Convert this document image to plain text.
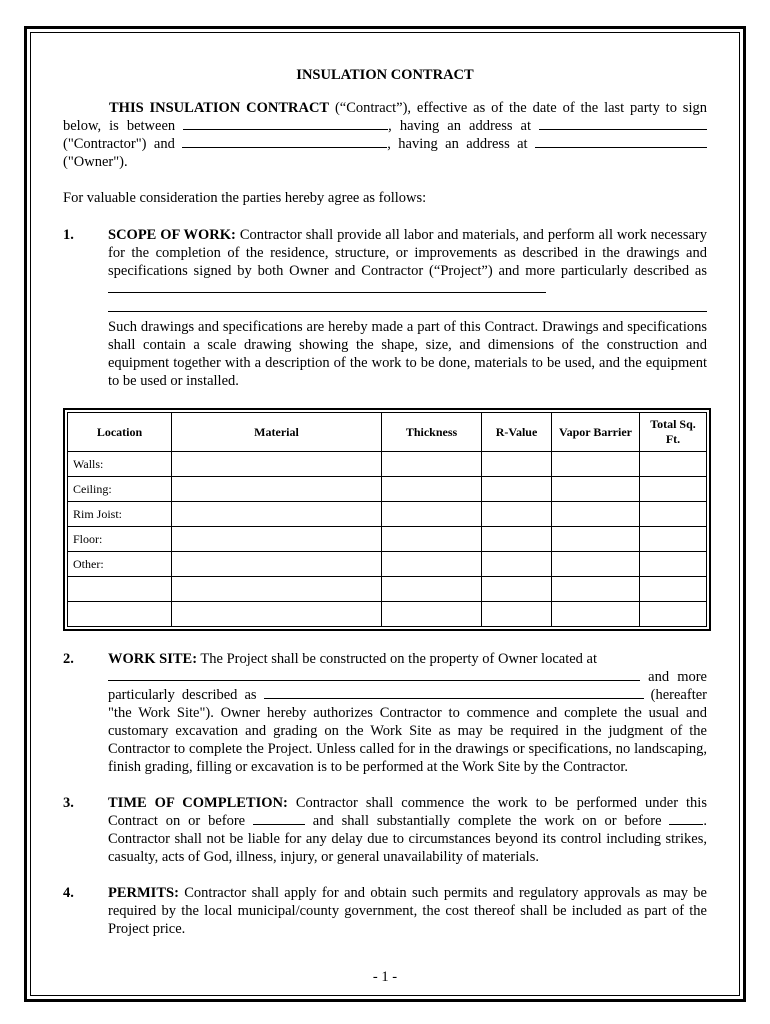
INSULATION CONTRACT

THIS INSULATION CONTRACT (“Contract”), effective as of the date of the last party to sign below, is between	, having an address at  ("Contractor") and	, having an address at  ("Owner").

For valuable consideration the parties hereby agree as follows:

1.	SCOPE OF WORK: Contractor shall provide all labor and materials, and perform all work necessary for the completion of the residence, structure, or improvements as described in the drawings and specifications signed by both Owner and Contractor (“Project”) and more particularly described as

Such drawings and specifications are hereby made a part of this Contract. Drawings and specifications shall contain a scale drawing showing the shape, size, and dimensions of the construction and equipment together with a description of the work to be done, materials to be used, and the equipment to be used or installed.

Location	Material	Thickness	R-Value	Vapor Barrier	Total Sq. Ft.
Walls:					
Ceiling:					
Rim Joist:					
Floor:					
Other:					

2.	WORK SITE: The Project shall be constructed on the property of Owner located at
and more particularly described as	(hereafter "the Work Site"). Owner hereby authorizes Contractor to commence and complete the usual and customary excavation and grading on the Work Site as may be required in the judgment of the Contractor to complete the Project. Unless called for in the drawings or specifications, no landscaping, finish grading, filling or excavation is to be performed at the Work Site by the Contractor.
3.	TIME OF COMPLETION: Contractor shall commence the work to be performed under this Contract on or before	and shall substantially complete the work on or before . Contractor shall not be liable for any delay due to circumstances beyond its control including strikes, casualty, acts of God, illness, injury, or general unavailability of materials.
4.	PERMITS: Contractor shall apply for and obtain such permits and regulatory approvals as may be required by the local municipal/county government, the cost thereof shall be included as part of the Project price.
- 1 -
